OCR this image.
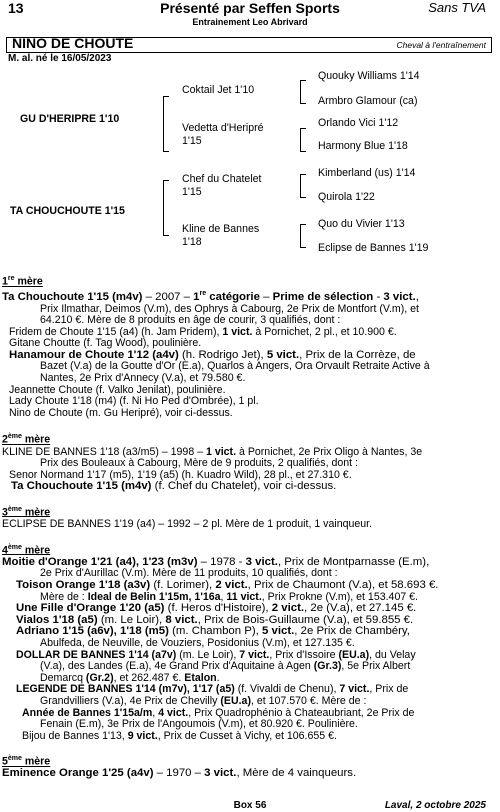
Présenté par Seffen Sports
13	Sans TVA
Entrainement Leo Abrivard
NINO DE CHOUTE	Cheval à l'entraînement
M. al. né le 16/05/2023
GU D'HERIPRE 1'10
TA CHOUCHOUTE 1'15
Coktail Jet 1'10
Vedetta d'Heripré
1'15
Chef du Chatelet
1'15
Kline de Bannes
1'18
Quouky Williams 1'14
Armbro Glamour (ca)
Orlando Vici 1'12
Harmony Blue 1'18
Kimberland (us) 1'14
Quirola 1'22
Quo du Vivier 1'13
Eclipse de Bannes 1'19
1re mère
Ta Chouchoute 1'15 (m4v) – 2007 – 1re catégorie – Prime de sélection - 3 vict.,
Prix Ilmathar, Deimos (V.m), des Ophrys à Cabourg, 2e Prix de Montfort (V.m), et
64.210 €. Mère de 8 produits en âge de courir, 3 qualifiés, dont :
Fridem de Choute 1'15 (a4) (h. Jam Pridem), 1 vict. à Pornichet, 2 pl., et 10.900 €.
Gitane Choutte (f. Tag Wood), poulinière.
Hanamour de Choute 1'12 (a4v) (h. Rodrigo Jet), 5 vict., Prix de la Corrèze, de
Bazet (V.a) de la Goutte d'Or (E.a), Quarlos à Angers, Ora Orvault Retraite Active à
Nantes, 2e Prix d'Annecy (V.a), et 79.580 €.
Jeannette Choute (f. Valko Jenilat), poulinière.
Lady Choute 1'18 (m4) (f. Ni Ho Ped d'Ombrée), 1 pl.
Nino de Choute (m. Gu Heripré), voir ci-dessus.
2ème mère
KLINE DE BANNES 1'18 (a3/m5) – 1998 – 1 vict. à Pornichet, 2e Prix Oligo à Nantes, 3e
Prix des Bouleaux à Cabourg, Mère de 9 produits, 2 qualifiés, dont :
Senor Normand 1'17 (m5), 1'19 (a5) (h. Kuadro Wild), 28 pl., et 27.310 €.
Ta Chouchoute 1'15 (m4v) (f. Chef du Chatelet), voir ci-dessus.
3ème mère
ECLIPSE DE BANNES 1'19 (a4) – 1992 – 2 pl. Mère de 1 produit, 1 vainqueur.
4ème mère
Moitie d'Orange 1'21 (a4), 1'23 (m3v) – 1978 - 3 vict., Prix de Montparnasse (E.m),
2e Prix d'Aurillac (V.m). Mère de 11 produits, 10 qualifiés, dont :
Toison Orange 1'18 (a3v) (f. Lorimer), 2 vict., Prix de Chaumont (V.a), et 58.693 €.
Mère de : Ideal de Belin 1'15m, 1'16a, 11 vict., Prix Prokne (V.m), et 153.407 €.
Une Fille d'Orange 1'20 (a5) (f. Heros d'Histoire), 2 vict., 2e (V.a), et 27.145 €.
Vialos 1'18 (a5) (m. Le Loir), 8 vict., Prix de Bois-Guillaume (V.a), et 59.855 €.
Adriano 1'15 (a6v), 1'18 (m5) (m. Chambon P), 5 vict., 2e Prix de Chambéry,
Abulfeda, de Neuville, de Vouziers, Posidonius (V.m), et 127.135 €.
DOLLAR DE BANNES 1'14 (a7v) (m. Le Loir), 7 vict., Prix d'Issoire (EU.a), du Velay
(V.a), des Landes (E.a), 4e Grand Prix d'Aquitaine à Agen (Gr.3), 5e Prix Albert
Demarcq (Gr.2), et 262.487 €. Etalon.
LEGENDE DE BANNES 1'14 (m7v), 1'17 (a5) (f. Vivaldi de Chenu), 7 vict., Prix de
Grandvilliers (V.a), 4e Prix de Chevilly (EU.a), et 107.570 €. Mère de :
Année de Bannes 1'15a/m, 4 vict., Prix Quadrophénio à Chateaubriant, 2e Prix de
Fenain (E.m), 3e Prix de l'Angoumois (V.m), et 80.920 €. Poulinière.
Bijou de Bannes 1'13, 9 vict., Prix de Cusset à Vichy, et 106.655 €.
5ème mère
Eminence Orange 1'25 (a4v) – 1970 – 3 vict., Mère de 4 vainqueurs.
Box 56	Laval, 2 octobre 2025
